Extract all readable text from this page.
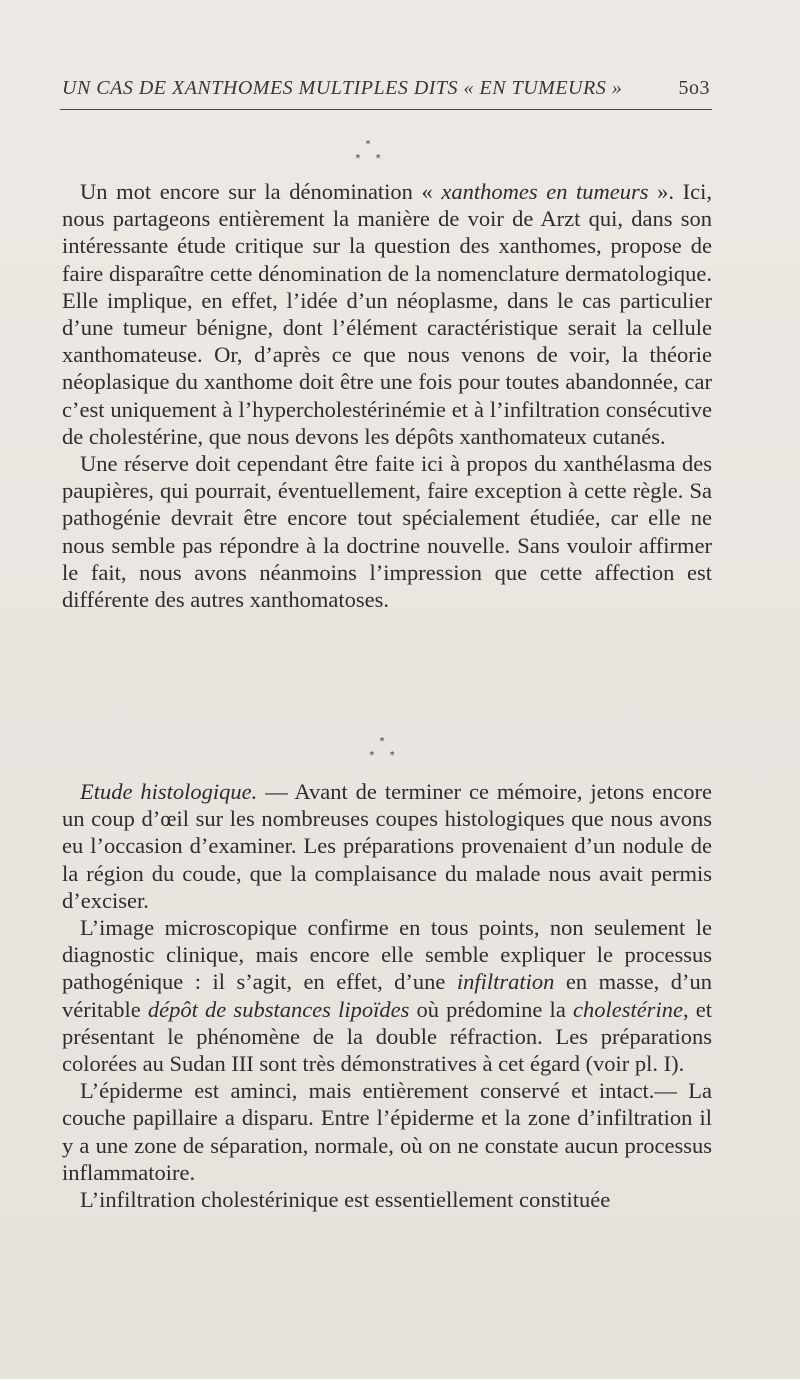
UN CAS DE XANTHOMES MULTIPLES DITS « EN TUMEURS »	5o3
*
* *

Un mot encore sur la dénomination « xanthomes en tumeurs ». Ici, nous partageons entièrement la manière de voir de Arzt qui, dans son intéressante étude critique sur la question des xanthomes, propose de faire disparaître cette dénomination de la nomenclature dermatologique. Elle implique, en effet, l’idée d’un néoplasme, dans le cas particulier d’une tumeur bénigne, dont l’élément caractéristique serait la cellule xanthomateuse. Or, d’après ce que nous venons de voir, la théorie néoplasique du xanthome doit être une fois pour toutes abandonnée, car c’est uniquement à l’hypercholestérinémie et à l’infiltration consécutive de cholestérine, que nous devons les dépôts xanthomateux cutanés.

Une réserve doit cependant être faite ici à propos du xanthélasma des paupières, qui pourrait, éventuellement, faire exception à cette règle. Sa pathogénie devrait être encore tout spécialement étudiée, car elle ne nous semble pas répondre à la doctrine nouvelle. Sans vouloir affirmer le fait, nous avons néanmoins l’impression que cette affection est différente des autres xanthomatoses.

*
* *

Etude histologique. — Avant de terminer ce mémoire, jetons encore un coup d’œil sur les nombreuses coupes histologiques que nous avons eu l’occasion d’examiner. Les préparations provenaient d’un nodule de la région du coude, que la complaisance du malade nous avait permis d’exciser.

L’image microscopique confirme en tous points, non seulement le diagnostic clinique, mais encore elle semble expliquer le processus pathogénique : il s’agit, en effet, d’une infiltration en masse, d’un véritable dépôt de substances lipoïdes où prédomine la cholestérine, et présentant le phénomène de la double réfraction. Les préparations colorées au Sudan III sont très démonstratives à cet égard (voir pl. I).

L’épiderme est aminci, mais entièrement conservé et intact.— La couche papillaire a disparu. Entre l’épiderme et la zone d’infiltration il y a une zone de séparation, normale, où on ne constate aucun processus inflammatoire.

L’infiltration cholestérinique est essentiellement constituée
